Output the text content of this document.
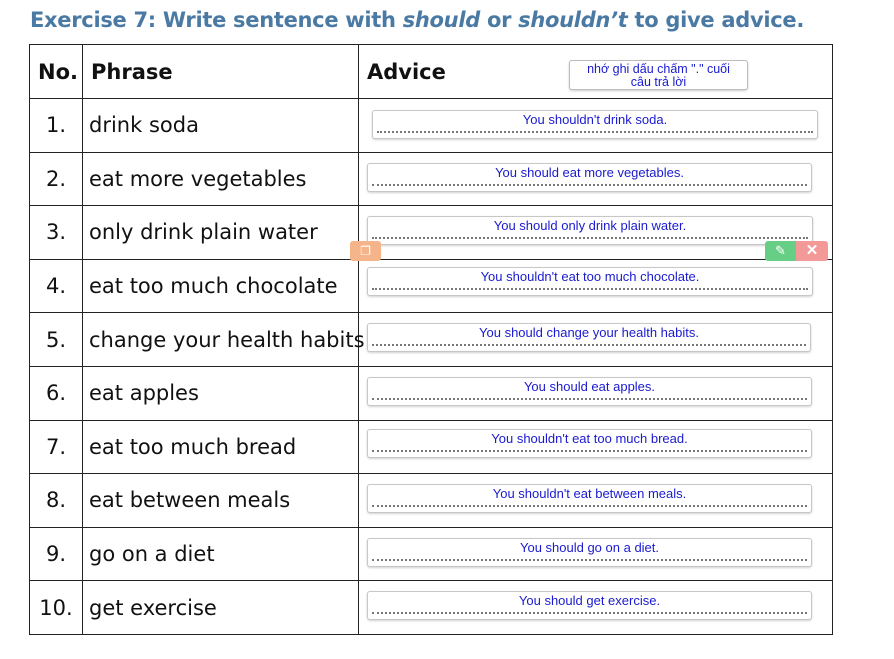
Exercise 7: Write sentence with should or shouldn’t to give advice.
No.	Phrase	Advice
1.	drink soda	You shouldn't drink soda.

2.	eat more vegetables	You should eat more vegetables.

3.	only drink plain water	You should only drink plain water.

4.	eat too much chocolate	You shouldn't eat too much chocolate.

5.	change your health habits	You should change your health habits.

6.	eat apples	You should eat apples.

7.	eat too much bread	You shouldn't eat too much bread.

8.	eat between meals	You shouldn't eat between meals.

9.	go on a diet	You should go on a diet.

10.	get exercise	You should get exercise.
nhớ ghi dấu chấm "." cuối
câu trả lời
❐	✎	✕
